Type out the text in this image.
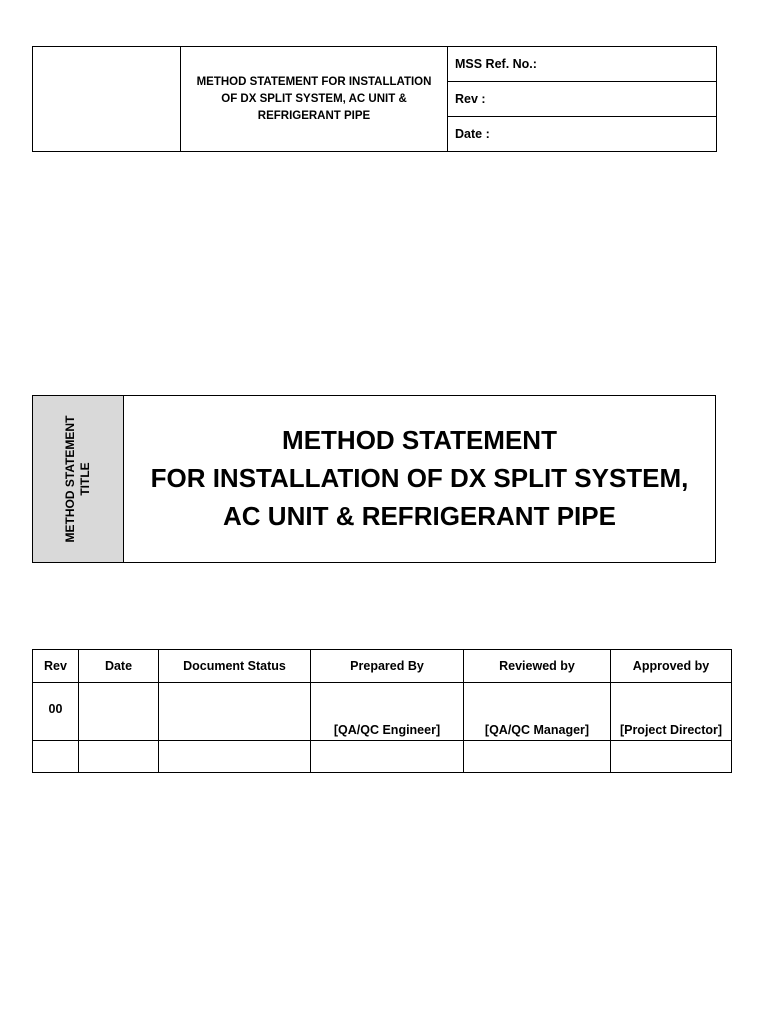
	METHOD STATEMENT FOR INSTALLATION OF DX SPLIT SYSTEM, AC UNIT & REFRIGERANT PIPE	MSS Ref. No.:
Rev :
Date :
METHOD STATEMENT TITLE
METHOD STATEMENT
FOR INSTALLATION OF DX SPLIT SYSTEM,
AC UNIT & REFRIGERANT PIPE
Rev	Date	Document Status	Prepared By	Reviewed by	Approved by
00			[QA/QC Engineer]	[QA/QC Manager]	[Project Director]
